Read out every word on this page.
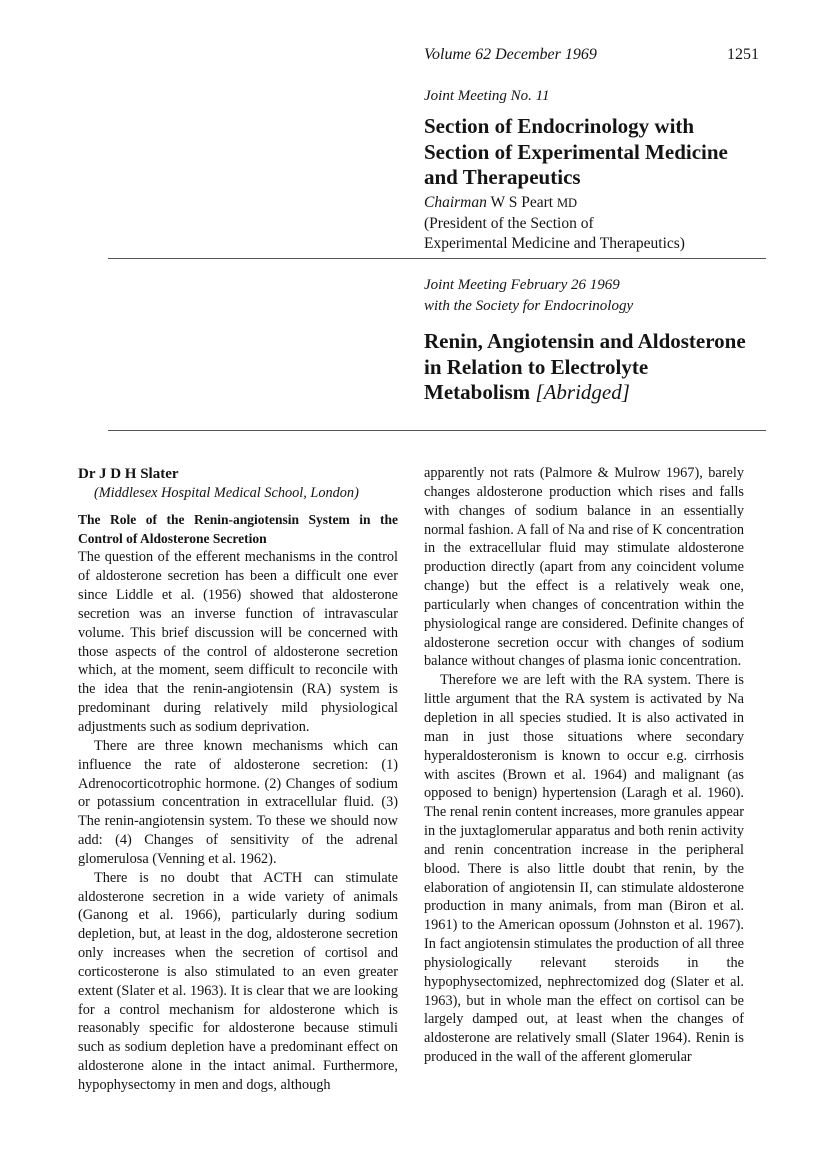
Volume 62 December 1969	1251
Joint Meeting No. 11
Section of Endocrinology with Section of Experimental Medicine and Therapeutics
Chairman W S Peart MD
(President of the Section of
Experimental Medicine and Therapeutics)
Joint Meeting February 26 1969
with the Society for Endocrinology
Renin, Angiotensin and Aldosterone in Relation to Electrolyte Metabolism [Abridged]

Dr J D H Slater

(Middlesex Hospital Medical School, London)

The Role of the Renin-angiotensin System in the Control of Aldosterone Secretion

The question of the efferent mechanisms in the control of aldosterone secretion has been a difficult one ever since Liddle et al. (1956) showed that aldosterone secretion was an inverse function of intravascular volume. This brief discussion will be concerned with those aspects of the control of aldosterone secretion which, at the moment, seem difficult to reconcile with the idea that the renin-angiotensin (RA) system is predominant during relatively mild physiological adjustments such as sodium deprivation.

There are three known mechanisms which can influence the rate of aldosterone secretion: (1) Adrenocorticotrophic hormone. (2) Changes of sodium or potassium concentration in extracellular fluid. (3) The renin-angiotensin system. To these we should now add: (4) Changes of sensitivity of the adrenal glomerulosa (Venning et al. 1962).

There is no doubt that ACTH can stimulate aldosterone secretion in a wide variety of animals (Ganong et al. 1966), particularly during sodium depletion, but, at least in the dog, aldosterone secretion only increases when the secretion of cortisol and corticosterone is also stimulated to an even greater extent (Slater et al. 1963). It is clear that we are looking for a control mechanism for aldosterone which is reasonably specific for aldosterone because stimuli such as sodium depletion have a predominant effect on aldosterone alone in the intact animal. Furthermore, hypophysectomy in men and dogs, although

apparently not rats (Palmore & Mulrow 1967), barely changes aldosterone production which rises and falls with changes of sodium balance in an essentially normal fashion. A fall of Na and rise of K concentration in the extracellular fluid may stimulate aldosterone production directly (apart from any coincident volume change) but the effect is a relatively weak one, particularly when changes of concentration within the physiological range are considered. Definite changes of aldosterone secretion occur with changes of sodium balance without changes of plasma ionic concentration.

Therefore we are left with the RA system. There is little argument that the RA system is activated by Na depletion in all species studied. It is also activated in man in just those situations where secondary hyperaldosteronism is known to occur e.g. cirrhosis with ascites (Brown et al. 1964) and malignant (as opposed to benign) hypertension (Laragh et al. 1960). The renal renin content increases, more granules appear in the juxtaglomerular apparatus and both renin activity and renin concentration increase in the peripheral blood. There is also little doubt that renin, by the elaboration of angiotensin II, can stimulate aldosterone production in many animals, from man (Biron et al. 1961) to the American opossum (Johnston et al. 1967). In fact angiotensin stimulates the production of all three physiologically relevant steroids in the hypophysectomized, nephrectomized dog (Slater et al. 1963), but in whole man the effect on cortisol can be largely damped out, at least when the changes of aldosterone are relatively small (Slater 1964). Renin is produced in the wall of the afferent glomerular
